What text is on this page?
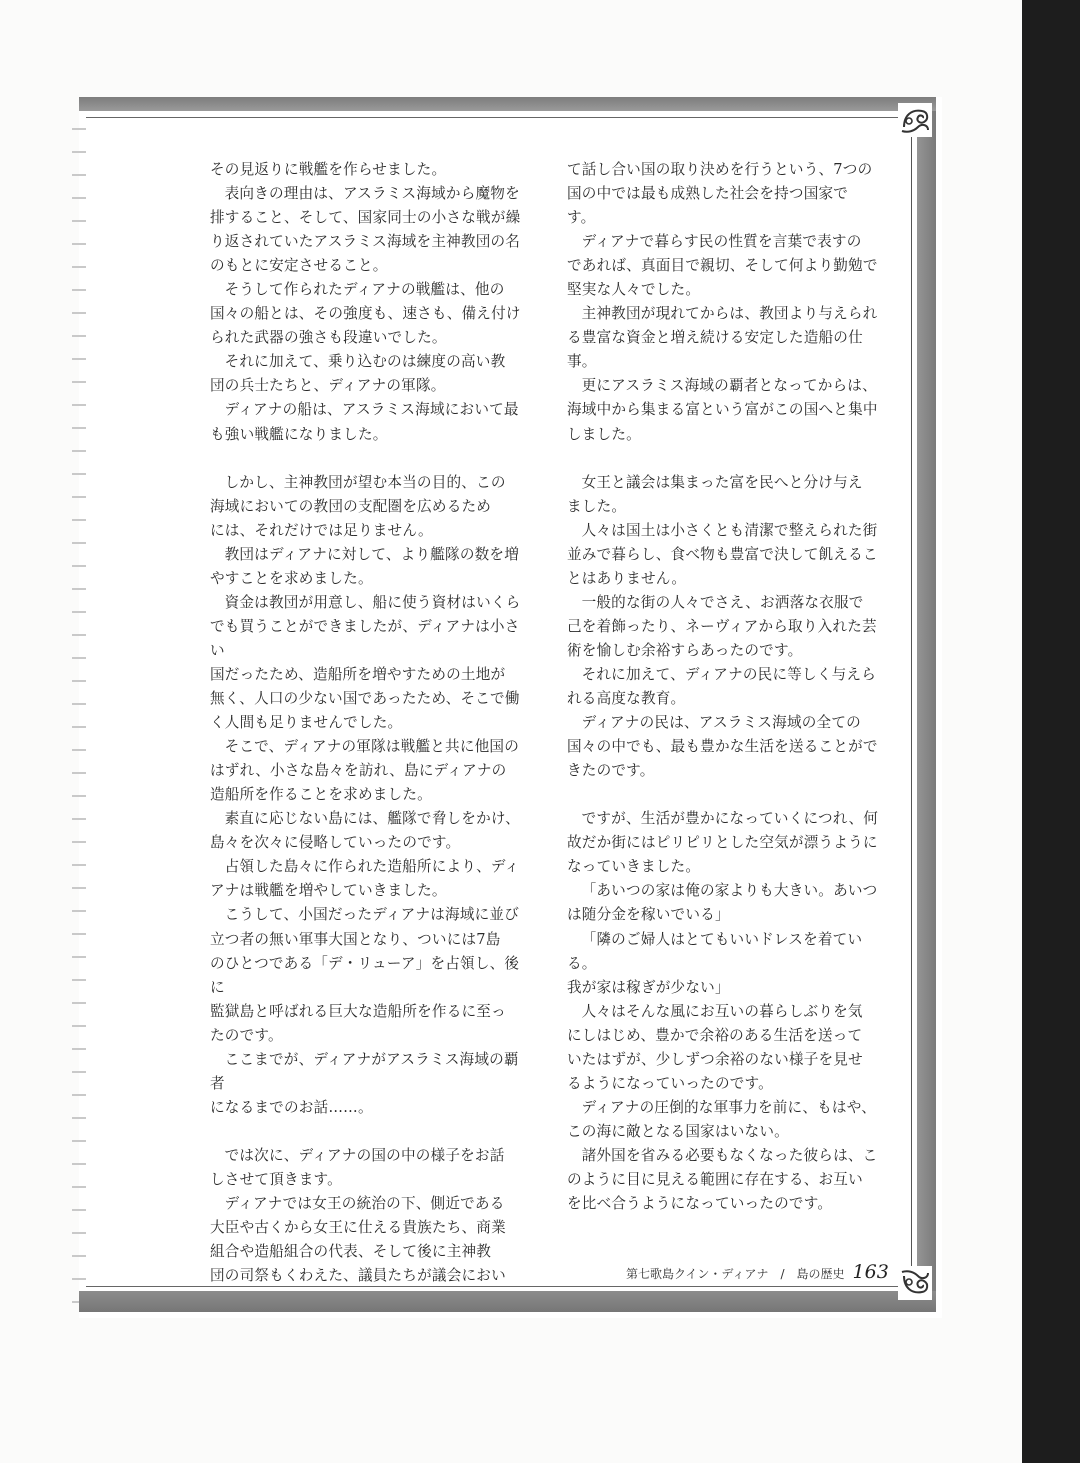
その見返りに戦艦を作らせました。

表向きの理由は、アスラミス海域から魔物を
排すること、そして、国家同士の小さな戦が繰
り返されていたアスラミス海域を主神教団の名
のもとに安定させること。

そうして作られたディアナの戦艦は、他の
国々の船とは、その強度も、速さも、備え付け
られた武器の強さも段違いでした。

それに加えて、乗り込むのは練度の高い教
団の兵士たちと、ディアナの軍隊。

ディアナの船は、アスラミス海域において最
も強い戦艦になりました。

しかし、主神教団が望む本当の目的、この
海域においての教団の支配圏を広めるため
には、それだけでは足りません。

教団はディアナに対して、より艦隊の数を増
やすことを求めました。

資金は教団が用意し、船に使う資材はいくら
でも買うことができましたが、ディアナは小さい
国だったため、造船所を増やすための土地が
無く、人口の少ない国であったため、そこで働
く人間も足りませんでした。

そこで、ディアナの軍隊は戦艦と共に他国の
はずれ、小さな島々を訪れ、島にディアナの
造船所を作ることを求めました。

素直に応じない島には、艦隊で脅しをかけ、
島々を次々に侵略していったのです。

占領した島々に作られた造船所により、ディ
アナは戦艦を増やしていきました。

こうして、小国だったディアナは海域に並び
立つ者の無い軍事大国となり、ついには7島
のひとつである「デ・リューア」を占領し、後に
監獄島と呼ばれる巨大な造船所を作るに至っ
たのです。

ここまでが、ディアナがアスラミス海域の覇者
になるまでのお話……。

では次に、ディアナの国の中の様子をお話
しさせて頂きます。

ディアナでは女王の統治の下、側近である
大臣や古くから女王に仕える貴族たち、商業
組合や造船組合の代表、そして後に主神教
団の司祭もくわえた、議員たちが議会におい

て話し合い国の取り決めを行うという、7つの
国の中では最も成熟した社会を持つ国家で
す。

ディアナで暮らす民の性質を言葉で表すの
であれば、真面目で親切、そして何より勤勉で
堅実な人々でした。

主神教団が現れてからは、教団より与えられ
る豊富な資金と増え続ける安定した造船の仕
事。

更にアスラミス海域の覇者となってからは、
海域中から集まる富という富がこの国へと集中
しました。

女王と議会は集まった富を民へと分け与え
ました。

人々は国土は小さくとも清潔で整えられた街
並みで暮らし、食べ物も豊富で決して飢えるこ
とはありません。

一般的な街の人々でさえ、お洒落な衣服で
己を着飾ったり、ネーヴィアから取り入れた芸
術を愉しむ余裕すらあったのです。

それに加えて、ディアナの民に等しく与えら
れる高度な教育。

ディアナの民は、アスラミス海域の全ての
国々の中でも、最も豊かな生活を送ることがで
きたのです。

ですが、生活が豊かになっていくにつれ、何
故だか街にはピリピリとした空気が漂うように
なっていきました。

「あいつの家は俺の家よりも大きい。あいつ
は随分金を稼いでいる」

「隣のご婦人はとてもいいドレスを着ている。
我が家は稼ぎが少ない」

人々はそんな風にお互いの暮らしぶりを気
にしはじめ、豊かで余裕のある生活を送って
いたはずが、少しずつ余裕のない様子を見せ
るようになっていったのです。

ディアナの圧倒的な軍事力を前に、もはや、
この海に敵となる国家はいない。

諸外国を省みる必要もなくなった彼らは、こ
のように目に見える範囲に存在する、お互い
を比べ合うようになっていったのです。

第七歌島クイン・ディアナ	/	島の歴史 163
